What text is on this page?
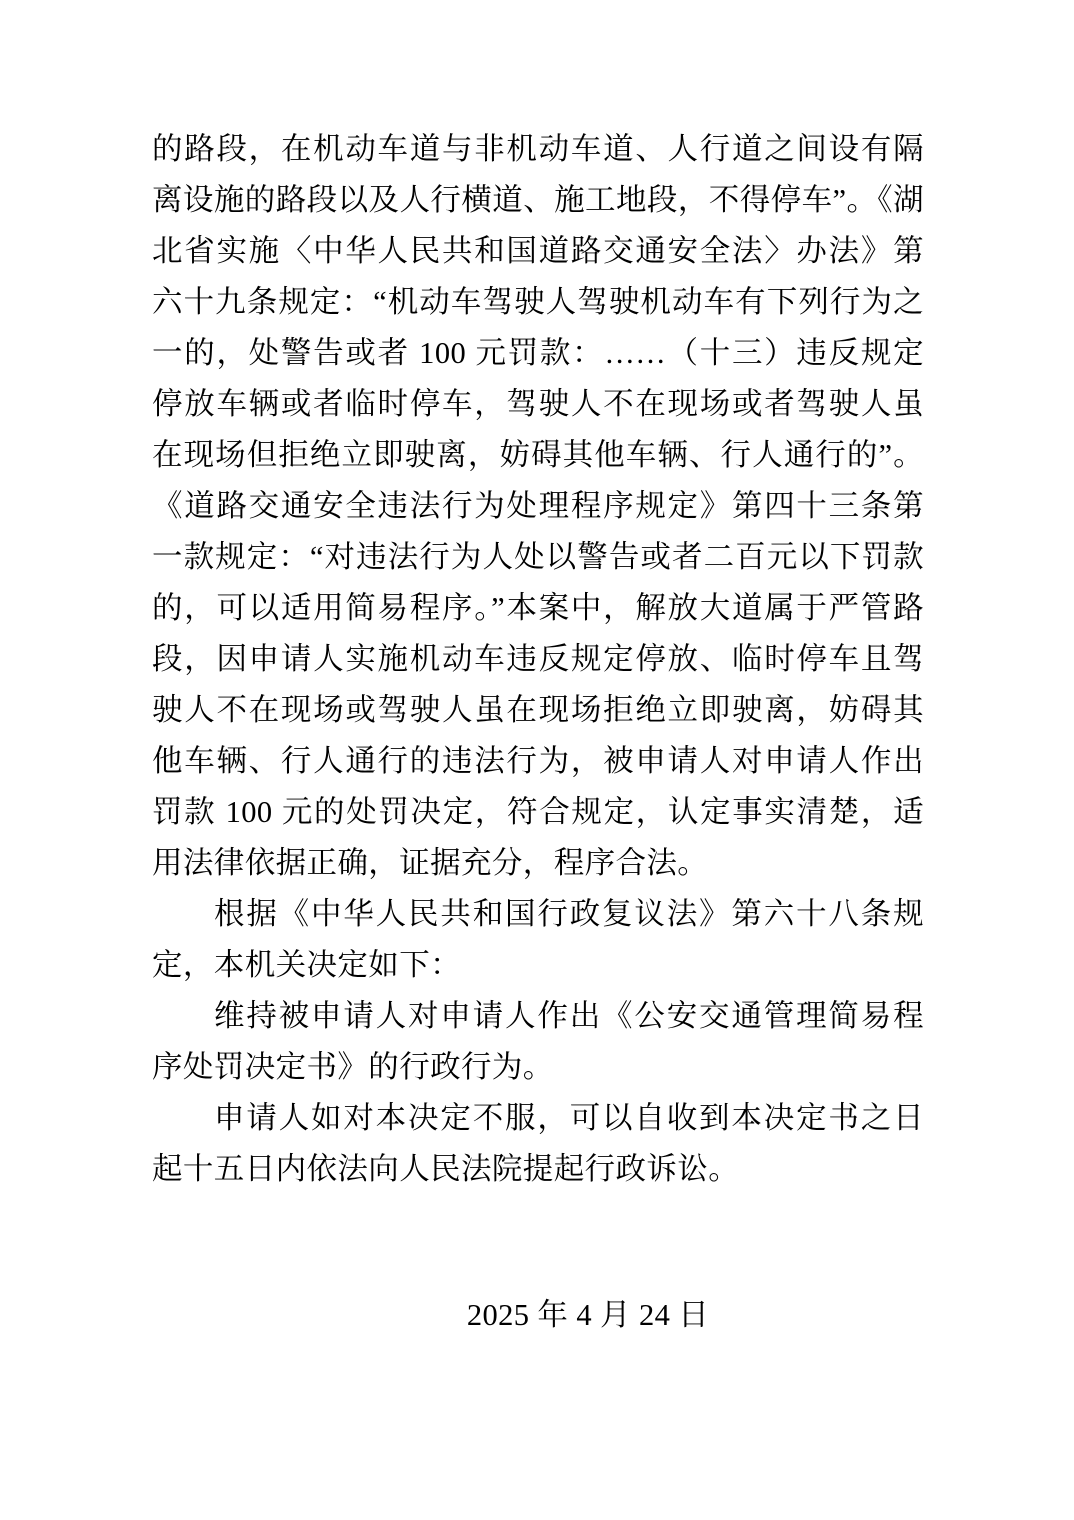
的路段，在机动车道与非机动车道、人行道之间设有隔离设施的路段以及人行横道、施工地段，不得停车”。《湖北省实施〈中华人民共和国道路交通安全法〉办法》第六十九条规定：“机动车驾驶人驾驶机动车有下列行为之一的，处警告或者 100 元罚款：……（十三）违反规定停放车辆或者临时停车，驾驶人不在现场或者驾驶人虽在现场但拒绝立即驶离，妨碍其他车辆、行人通行的”。《道路交通安全违法行为处理程序规定》第四十三条第一款规定：“对违法行为人处以警告或者二百元以下罚款的，可以适用简易程序。”本案中，解放大道属于严管路段，因申请人实施机动车违反规定停放、临时停车且驾驶人不在现场或驾驶人虽在现场拒绝立即驶离，妨碍其他车辆、行人通行的违法行为，被申请人对申请人作出罚款 100 元的处罚决定，符合规定，认定事实清楚，适用法律依据正确，证据充分，程序合法。

根据《中华人民共和国行政复议法》第六十八条规定，本机关决定如下：

维持被申请人对申请人作出《公安交通管理简易程序处罚决定书》的行政行为。

申请人如对本决定不服，可以自收到本决定书之日起十五日内依法向人民法院提起行政诉讼。

2025 年 4 月 24 日
